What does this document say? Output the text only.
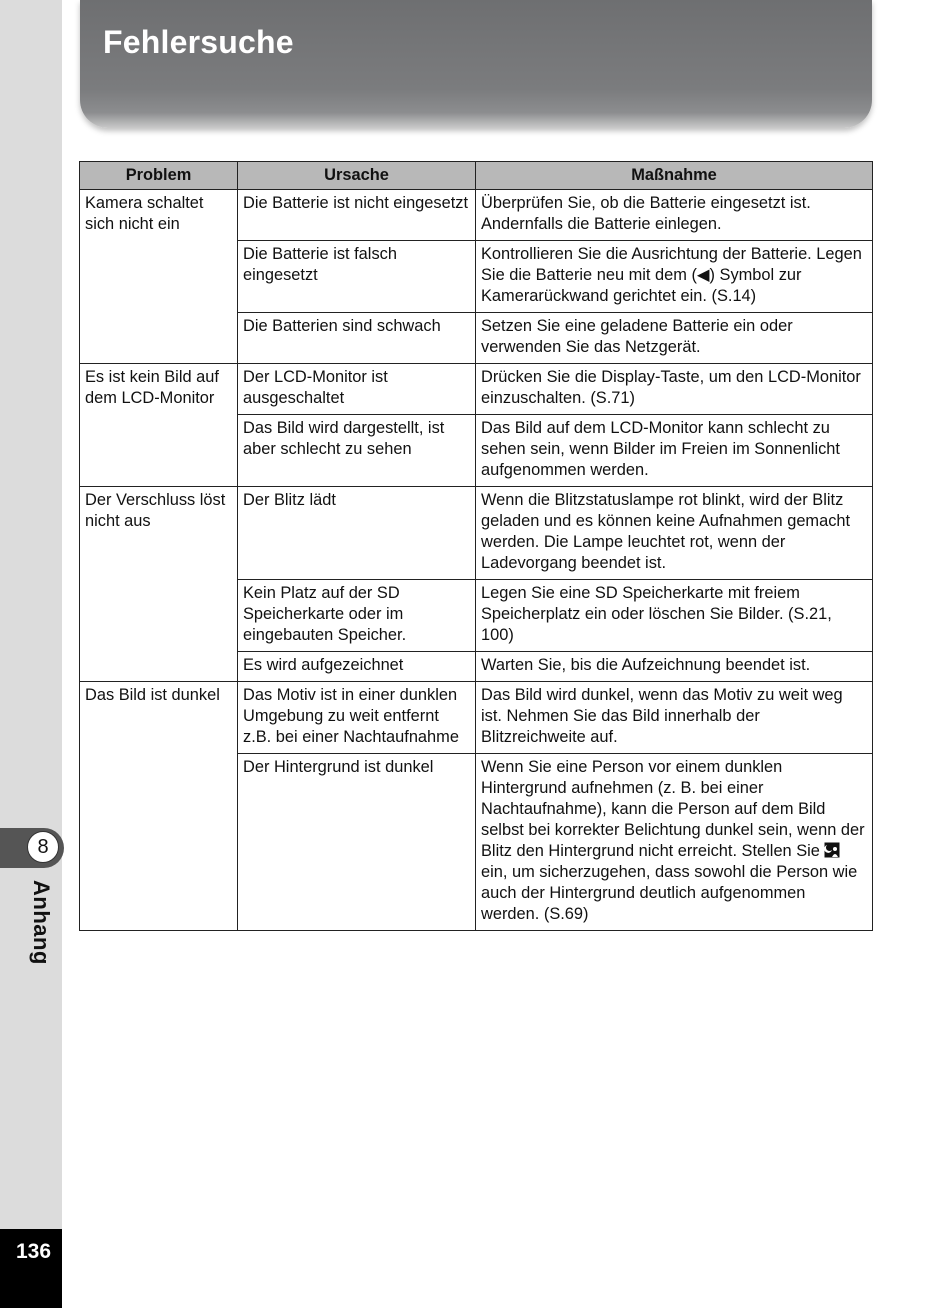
Fehlersuche
Problem	Ursache	Maßnahme
Kamera schaltet sich nicht ein	Die Batterie ist nicht eingesetzt	Überprüfen Sie, ob die Batterie eingesetzt ist. Andernfalls die Batterie einlegen.
	Die Batterie ist falsch eingesetzt	Kontrollieren Sie die Ausrichtung der Batterie. Legen Sie die Batterie neu mit dem (◀) Symbol zur Kamerarückwand gerichtet ein. (S.14)
	Die Batterien sind schwach	Setzen Sie eine geladene Batterie ein oder verwenden Sie das Netzgerät.
Es ist kein Bild auf dem LCD-Monitor	Der LCD-Monitor ist ausgeschaltet	Drücken Sie die Display-Taste, um den LCD-Monitor einzuschalten. (S.71)
	Das Bild wird dargestellt, ist aber schlecht zu sehen	Das Bild auf dem LCD-Monitor kann schlecht zu sehen sein, wenn Bilder im Freien im Sonnenlicht aufgenommen werden.
Der Verschluss löst nicht aus	Der Blitz lädt	Wenn die Blitzstatuslampe rot blinkt, wird der Blitz geladen und es können keine Aufnahmen gemacht werden. Die Lampe leuchtet rot, wenn der Ladevorgang beendet ist.
	Kein Platz auf der SD Speicherkarte oder im eingebauten Speicher.	Legen Sie eine SD Speicherkarte mit freiem Speicherplatz ein oder löschen Sie Bilder. (S.21, 100)
	Es wird aufgezeichnet	Warten Sie, bis die Aufzeichnung beendet ist.
Das Bild ist dunkel	Das Motiv ist in einer dunklen Umgebung zu weit entfernt z.B. bei einer Nachtaufnahme	Das Bild wird dunkel, wenn das Motiv zu weit weg ist. Nehmen Sie das Bild innerhalb der Blitzreichweite auf.
	Der Hintergrund ist dunkel	Wenn Sie eine Person vor einem dunklen Hintergrund aufnehmen (z. B. bei einer Nachtaufnahme), kann die Person auf dem Bild selbst bei korrekter Belichtung dunkel sein, wenn der Blitz den Hintergrund nicht erreicht. Stellen Sie  ein, um sicherzugehen, dass sowohl die Person wie auch der Hintergrund deutlich aufgenommen werden. (S.69)
8
Anhang
136
